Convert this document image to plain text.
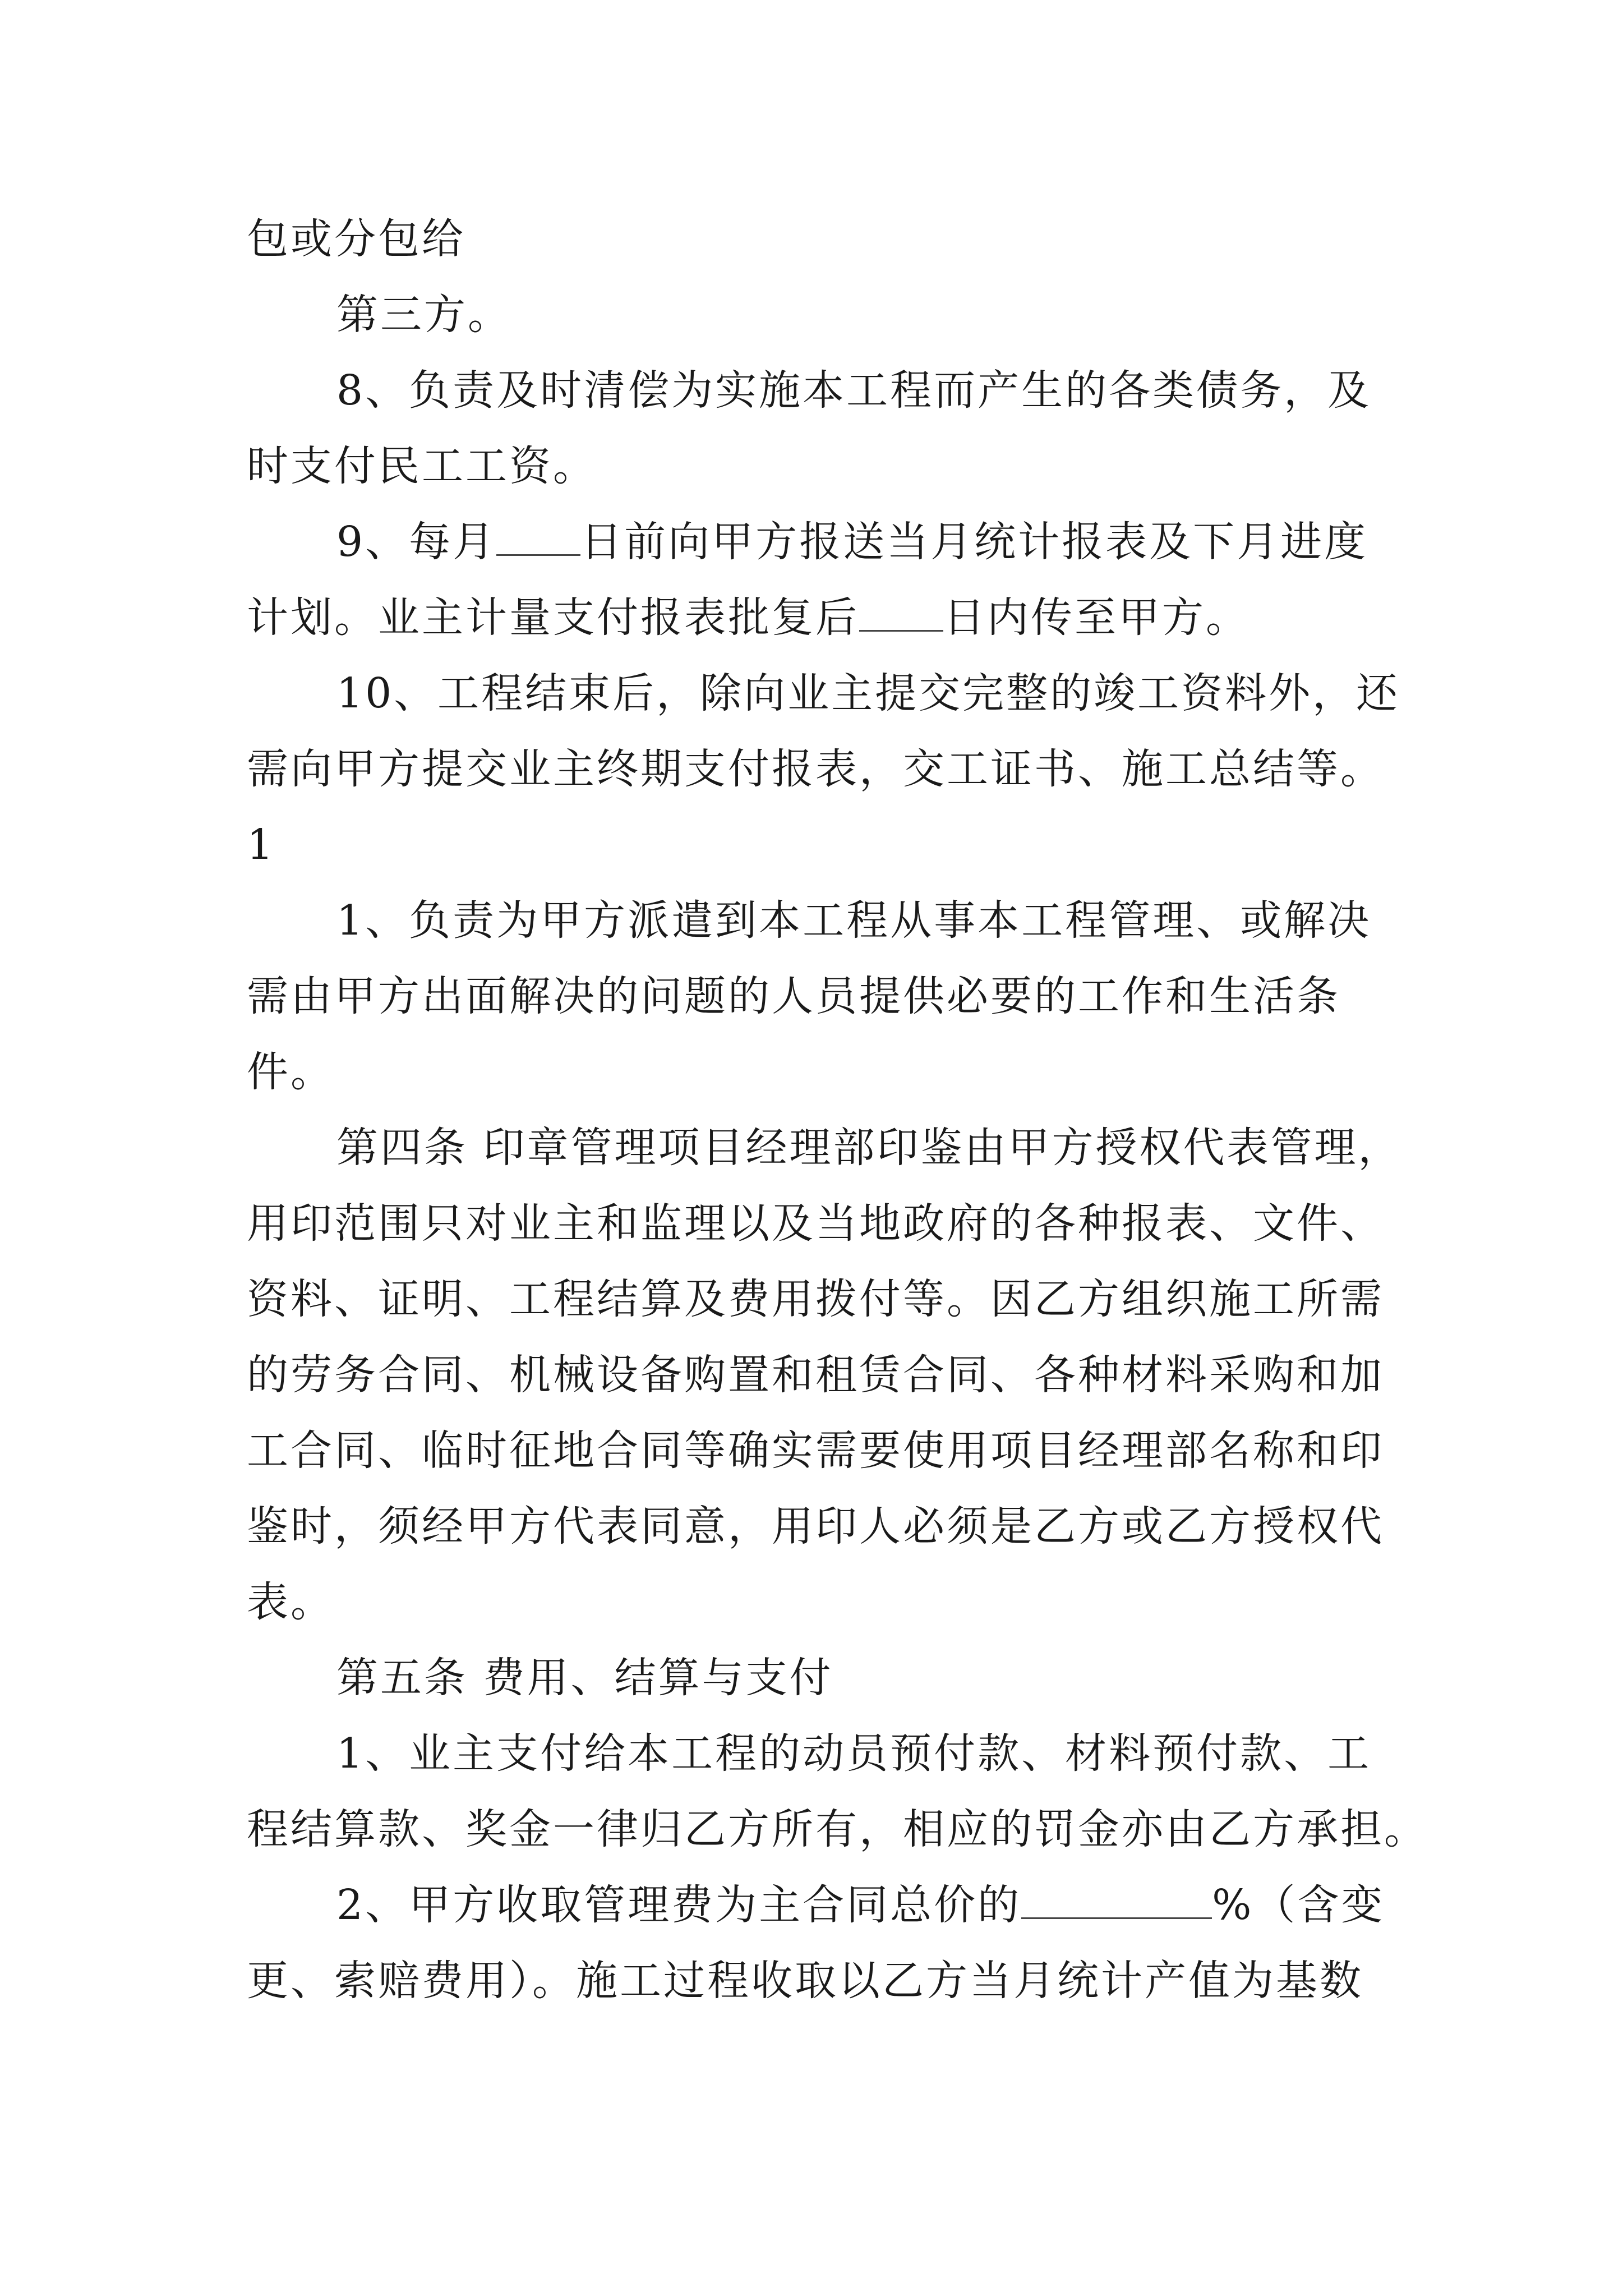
包或分包给
第三方。
8、负责及时清偿为实施本工程而产生的各类债务，及
时支付民工工资。
9、每月 日前向甲方报送当月统计报表及下月进度
计划。业主计量支付报表批复后 日内传至甲方。
10、工程结束后，除向业主提交完整的竣工资料外，还
需向甲方提交业主终期支付报表，交工证书、施工总结等。
1
1、负责为甲方派遣到本工程从事本工程管理、或解决
需由甲方出面解决的问题的人员提供必要的工作和生活条
件。
第四条 印章管理项目经理部印鉴由甲方授权代表管理，
用印范围只对业主和监理以及当地政府的各种报表、文件、
资料、证明、工程结算及费用拨付等。因乙方组织施工所需
的劳务合同、机械设备购置和租赁合同、各种材料采购和加
工合同、临时征地合同等确实需要使用项目经理部名称和印
鉴时，须经甲方代表同意，用印人必须是乙方或乙方授权代
表。
第五条 费用、结算与支付
1、业主支付给本工程的动员预付款、材料预付款、工
程结算款、奖金一律归乙方所有，相应的罚金亦由乙方承担。
2、甲方收取管理费为主合同总价的	%（含变
更、索赔费用）。施工过程收取以乙方当月统计产值为基数
